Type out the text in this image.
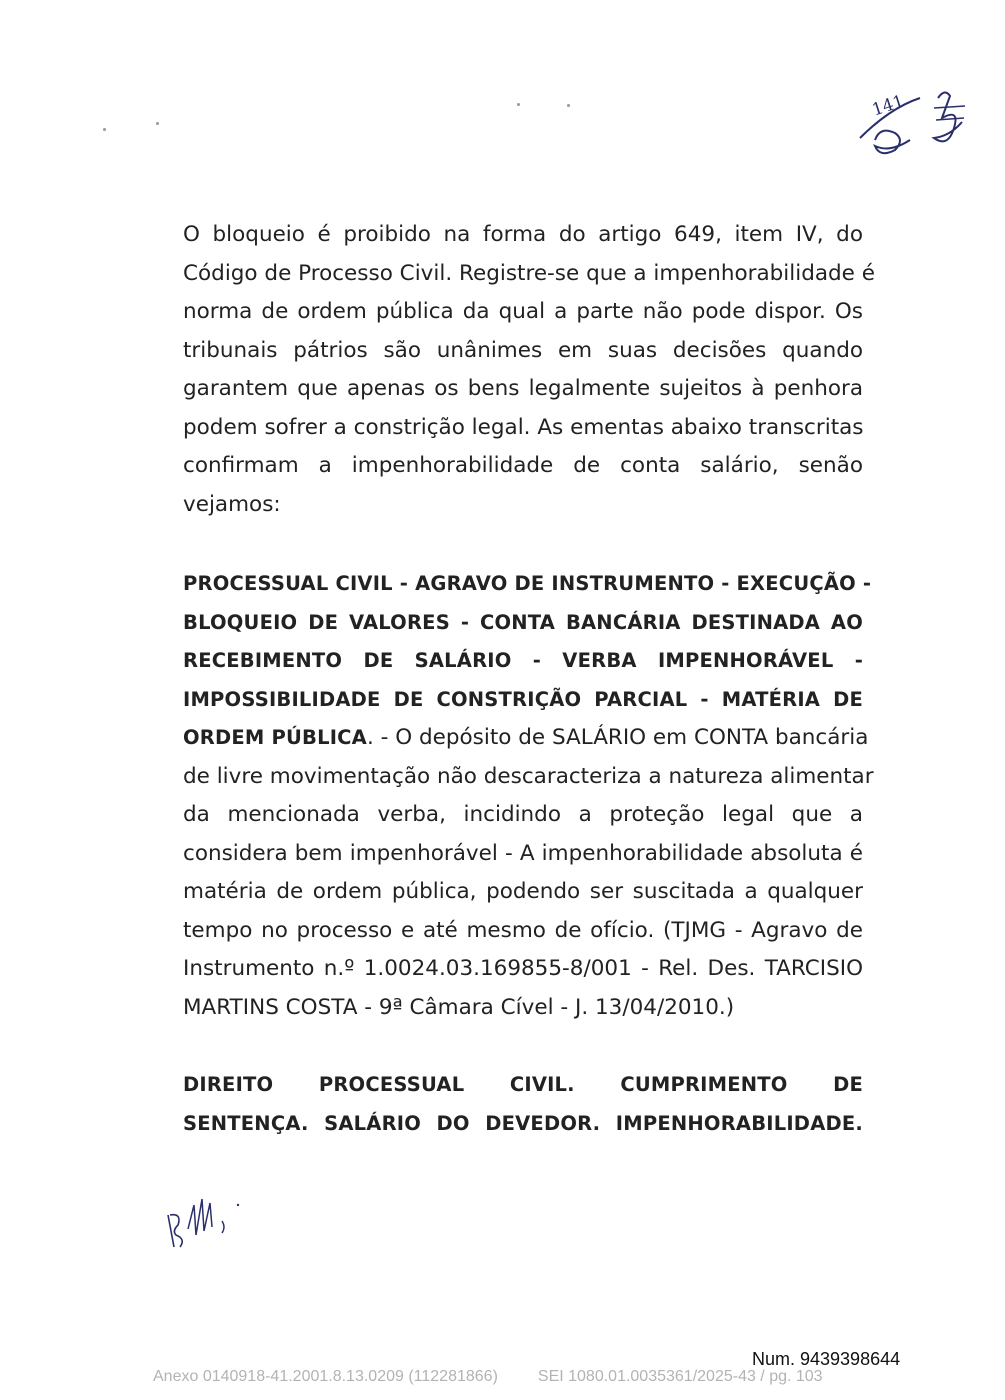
141
O bloqueio é proibido na forma do artigo 649, item IV, do
Código de Processo Civil. Registre-se que a impenhorabilidade é
norma de ordem pública da qual a parte não pode dispor. Os
tribunais pátrios são unânimes em suas decisões quando
garantem que apenas os bens legalmente sujeitos à penhora
podem sofrer a constrição legal. As ementas abaixo transcritas
confirmam a impenhorabilidade de conta salário, senão
vejamos:
PROCESSUAL CIVIL - AGRAVO DE INSTRUMENTO - EXECUÇÃO -
BLOQUEIO DE VALORES - CONTA BANCÁRIA DESTINADA AO
RECEBIMENTO DE SALÁRIO - VERBA IMPENHORÁVEL -
IMPOSSIBILIDADE DE CONSTRIÇÃO PARCIAL - MATÉRIA DE
ORDEM PÚBLICA. - O depósito de SALÁRIO em CONTA bancária
de livre movimentação não descaracteriza a natureza alimentar
da mencionada verba, incidindo a proteção legal que a
considera bem impenhorável - A impenhorabilidade absoluta é
matéria de ordem pública, podendo ser suscitada a qualquer
tempo no processo e até mesmo de ofício. (TJMG - Agravo de
Instrumento n.º 1.0024.03.169855-8/001 - Rel. Des. TARCISIO
MARTINS COSTA - 9ª Câmara Cível - J. 13/04/2010.)
DIREITO PROCESSUAL CIVIL. CUMPRIMENTO DE
SENTENÇA. SALÁRIO DO DEVEDOR. IMPENHORABILIDADE.
Num. 9439398644
Anexo 0140918-41.2001.8.13.0209 (112281866)	SEI 1080.01.0035361/2025-43 / pg. 103
